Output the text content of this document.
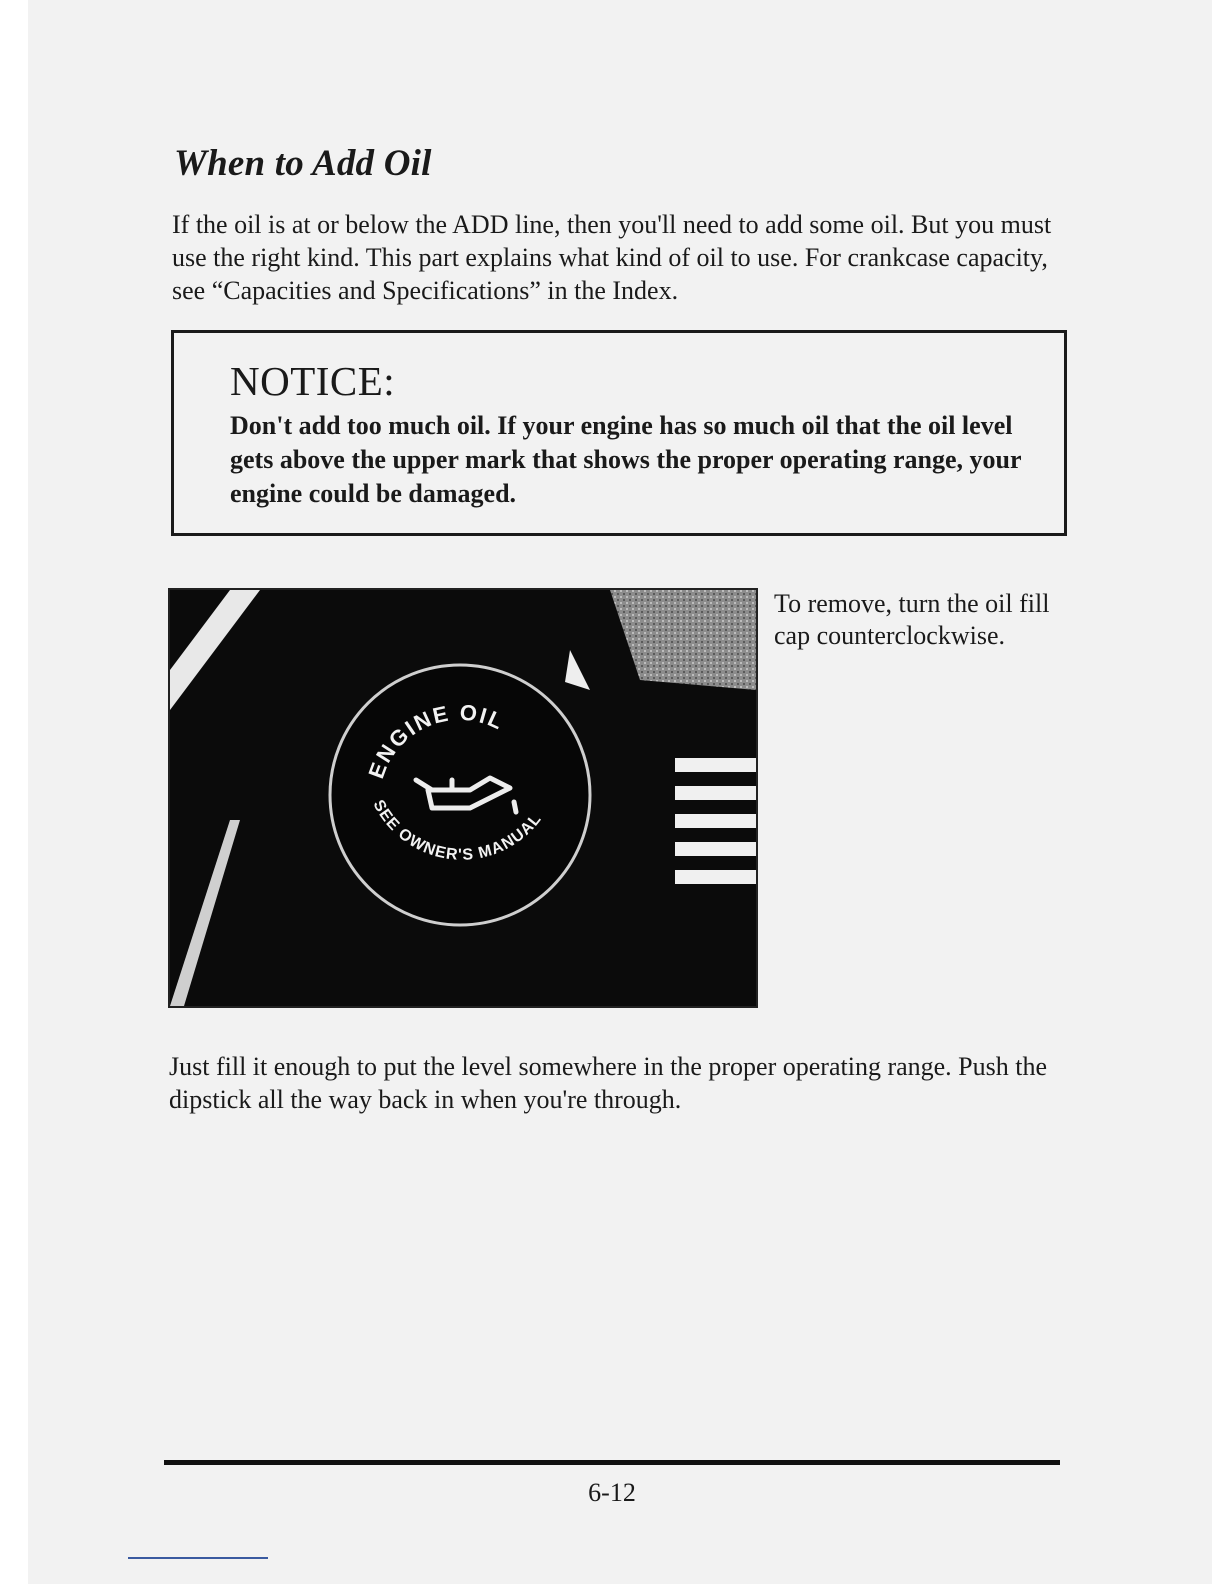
When to Add Oil

If the oil is at or below the ADD line, then you'll need to add some oil. But you must use the right kind. This part explains what kind of oil to use. For crankcase capacity, see “Capacities and Specifications” in the Index.

NOTICE:

Don't add too much oil. If your engine has so much oil that the oil level gets above the upper mark that shows the proper operating range, your engine could be damaged.

ENGINE OIL
SEE OWNER'S MANUAL

To remove, turn the oil fill cap counterclockwise.

Just fill it enough to put the level somewhere in the proper operating range. Push the dipstick all the way back in when you're through.

6-12
